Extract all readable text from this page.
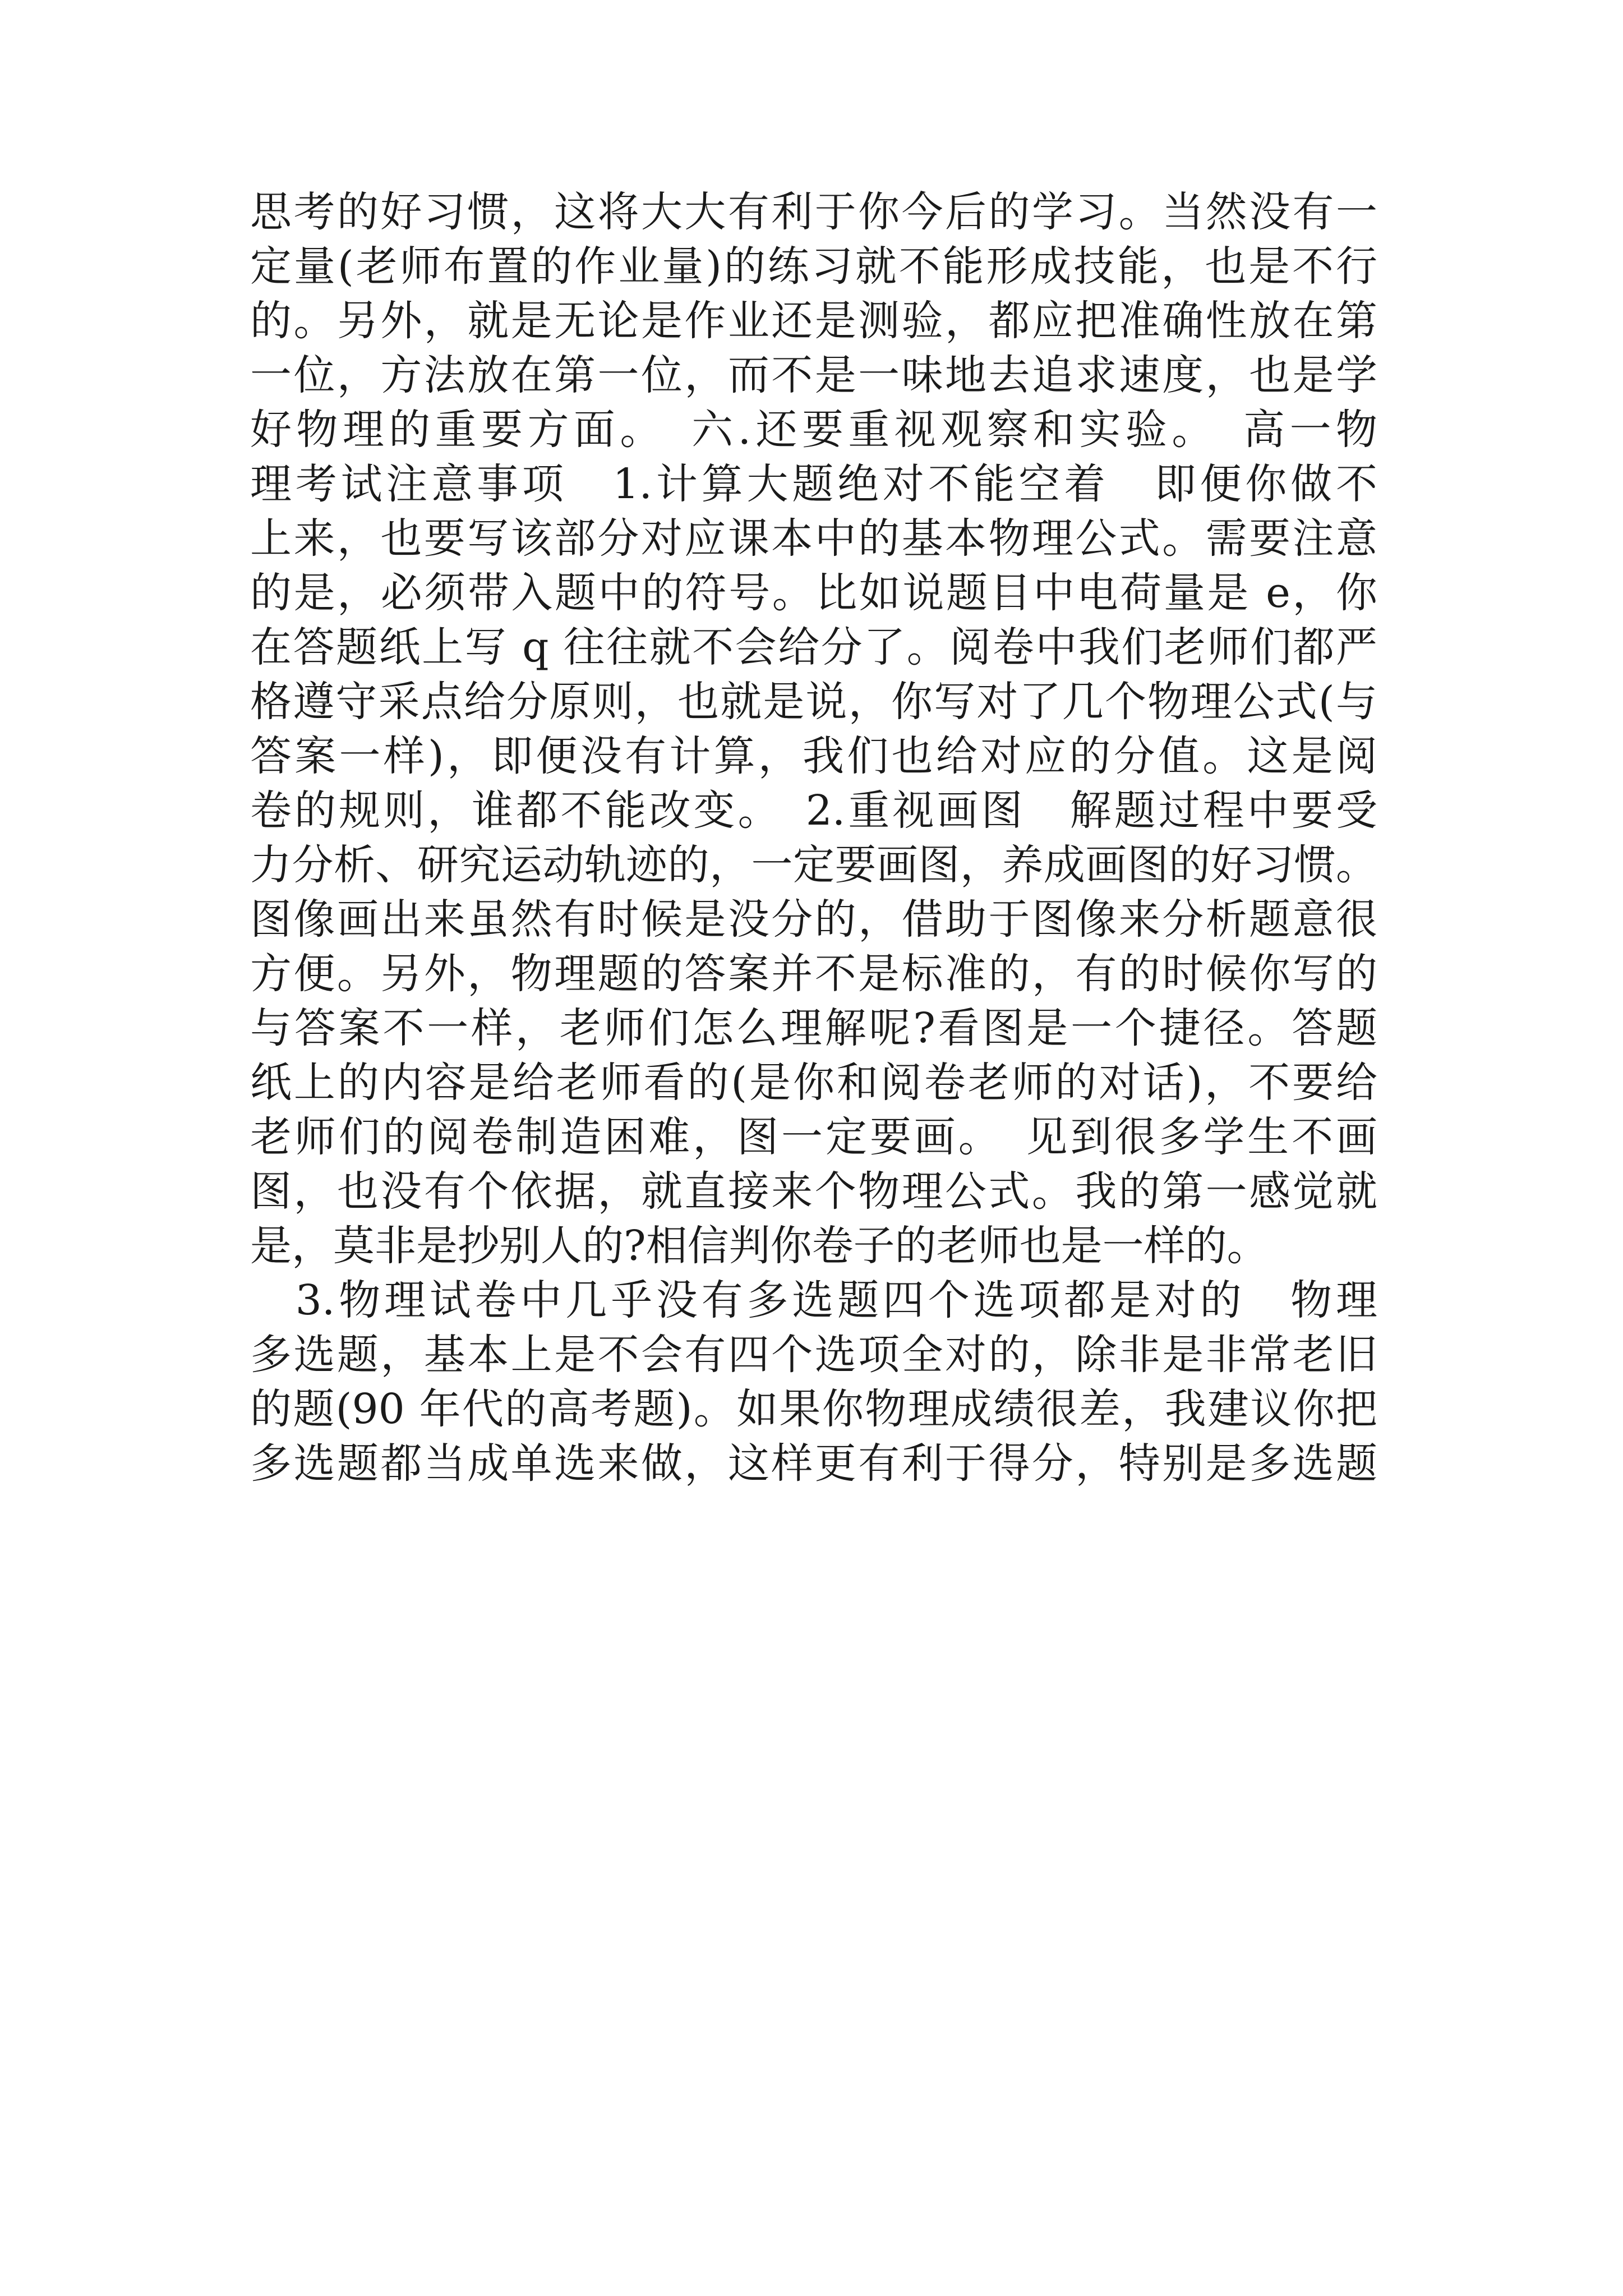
思考的好习惯，这将大大有利于你今后的学习。当然没有一
定量(老师布置的作业量)的练习就不能形成技能，也是不行
的。另外，就是无论是作业还是测验，都应把准确性放在第
一位，方法放在第一位，而不是一味地去追求速度，也是学
好物理的重要方面。　六.还要重视观察和实验。　高一物
理考试注意事项　1.计算大题绝对不能空着　即便你做不
上来，也要写该部分对应课本中的基本物理公式。需要注意
的是，必须带入题中的符号。比如说题目中电荷量是 e，你
在答题纸上写 q 往往就不会给分了。阅卷中我们老师们都严
格遵守采点给分原则，也就是说，你写对了几个物理公式(与
答案一样)，即便没有计算，我们也给对应的分值。这是阅
卷的规则，谁都不能改变。　2.重视画图　解题过程中要受
力分析、研究运动轨迹的，一定要画图，养成画图的好习惯。
图像画出来虽然有时候是没分的，借助于图像来分析题意很
方便。另外，物理题的答案并不是标准的，有的时候你写的
与答案不一样，老师们怎么理解呢?看图是一个捷径。答题
纸上的内容是给老师看的(是你和阅卷老师的对话)，不要给
老师们的阅卷制造困难，图一定要画。　见到很多学生不画
图，也没有个依据，就直接来个物理公式。我的第一感觉就
是，莫非是抄别人的?相信判你卷子的老师也是一样的。
　3.物理试卷中几乎没有多选题四个选项都是对的　物理
多选题，基本上是不会有四个选项全对的，除非是非常老旧
的题(90 年代的高考题)。如果你物理成绩很差，我建议你把
多选题都当成单选来做，这样更有利于得分，特别是多选题
